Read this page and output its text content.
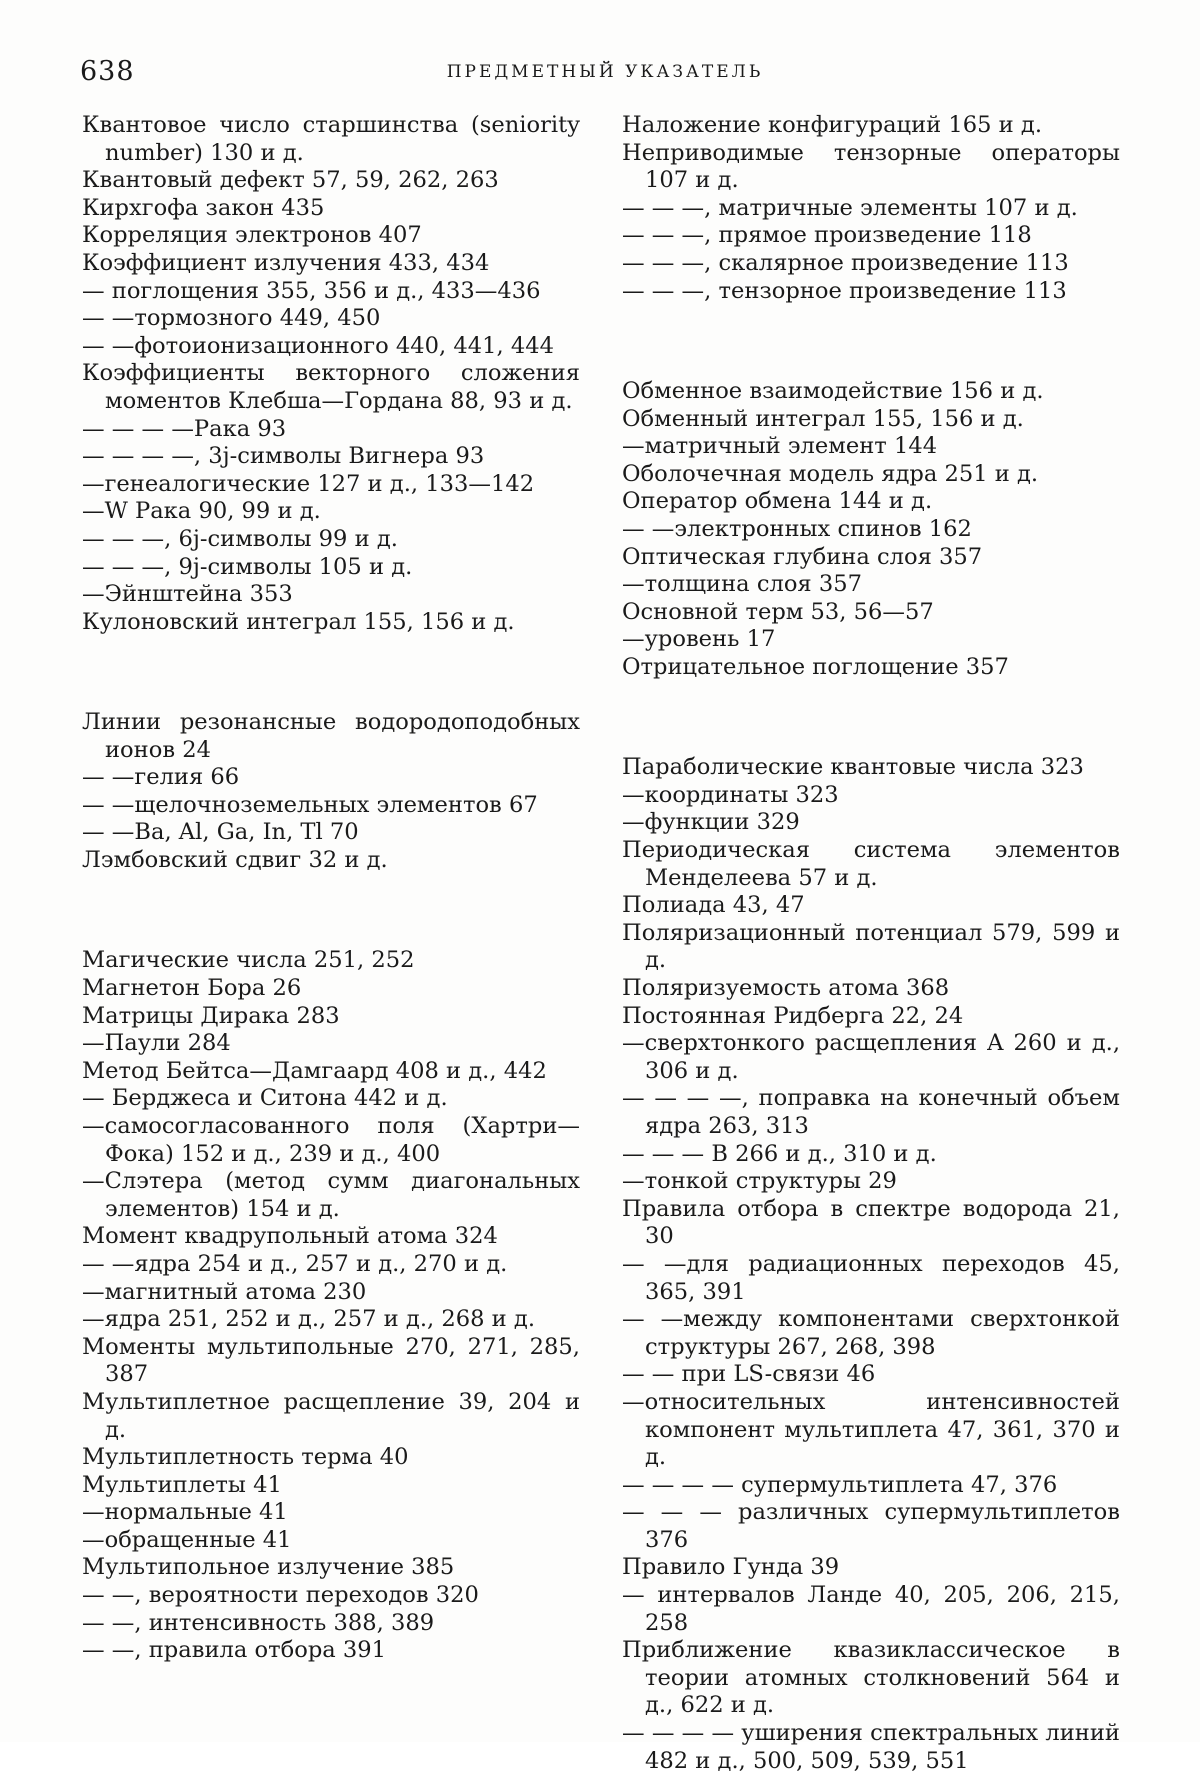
638	ПРЕДМЕТНЫЙ УКАЗАТЕЛЬ

Квантовое число старшинства (seniority number) 130 и д.

Квантовый дефект 57, 59, 262, 263

Кирхгофа закон 435

Корреляция электронов 407

Коэффициент излучения 433, 434

— поглощения 355, 356 и д., 433—436

— —тормозного 449, 450

— —фотоионизационного 440, 441, 444

Коэффициенты векторного сложения моментов Клебша—Гордана 88, 93 и д.

— — — —Рака 93

— — — —, 3j-символы Вигнера 93

—генеалогические 127 и д., 133—142

—W Рака 90, 99 и д.

— — —, 6j-символы 99 и д.

— — —, 9j-символы 105 и д.

—Эйнштейна 353

Кулоновский интеграл 155, 156 и д.

Линии резонансные водородоподобных ионов 24

— —гелия 66

— —щелочноземельных элементов 67

— —Ba, Al, Ga, In, Tl 70

Лэмбовский сдвиг 32 и д.

Магические числа 251, 252

Магнетон Бора 26

Матрицы Дирака 283

—Паули 284

Метод Бейтса—Дамгаард 408 и д., 442

— Берджеса и Ситона 442 и д.

—самосогласованного поля (Хартри—Фока) 152 и д., 239 и д., 400

—Слэтера (метод сумм диагональных элементов) 154 и д.

Момент квадрупольный атома 324

— —ядра 254 и д., 257 и д., 270 и д.

—магнитный атома 230

—ядра 251, 252 и д., 257 и д., 268 и д.

Моменты мультипольные 270, 271, 285, 387

Мультиплетное расщепление 39, 204 и д.

Мультиплетность терма 40

Мультиплеты 41

—нормальные 41

—обращенные 41

Мультипольное излучение 385

— —, вероятности переходов 320

— —, интенсивность 388, 389

— —, правила отбора 391

Наложение конфигураций 165 и д.

Неприводимые тензорные операторы 107 и д.

— — —, матричные элементы 107 и д.

— — —, прямое произведение 118

— — —, скалярное произведение 113

— — —, тензорное произведение 113

Обменное взаимодействие 156 и д.

Обменный интеграл 155, 156 и д.

—матричный элемент 144

Оболочечная модель ядра 251 и д.

Оператор обмена 144 и д.

— —электронных спинов 162

Оптическая глубина слоя 357

—толщина слоя 357

Основной терм 53, 56—57

—уровень 17

Отрицательное поглощение 357

Параболические квантовые числа 323

—координаты 323

—функции 329

Периодическая система элементов Менделеева 57 и д.

Полиада 43, 47

Поляризационный потенциал 579, 599 и д.

Поляризуемость атома 368

Постоянная Ридберга 22, 24

—сверхтонкого расщепления A 260 и д., 306 и д.

— — — —, поправка на конечный объем ядра 263, 313

— — — B 266 и д., 310 и д.

—тонкой структуры 29

Правила отбора в спектре водорода 21, 30

— —для радиационных переходов 45, 365, 391

— —между компонентами сверхтонкой структуры 267, 268, 398

— — при LS-связи 46

—относительных интенсивностей компонент мультиплета 47, 361, 370 и д.

— — — — супермультиплета 47, 376

— — — различных супермультиплетов 376

Правило Гунда 39

— интервалов Ланде 40, 205, 206, 215, 258

Приближение квазиклассическое в теории атомных столкновений 564 и д., 622 и д.

— — — — уширения спектральных линий 482 и д., 500, 509, 539, 551
